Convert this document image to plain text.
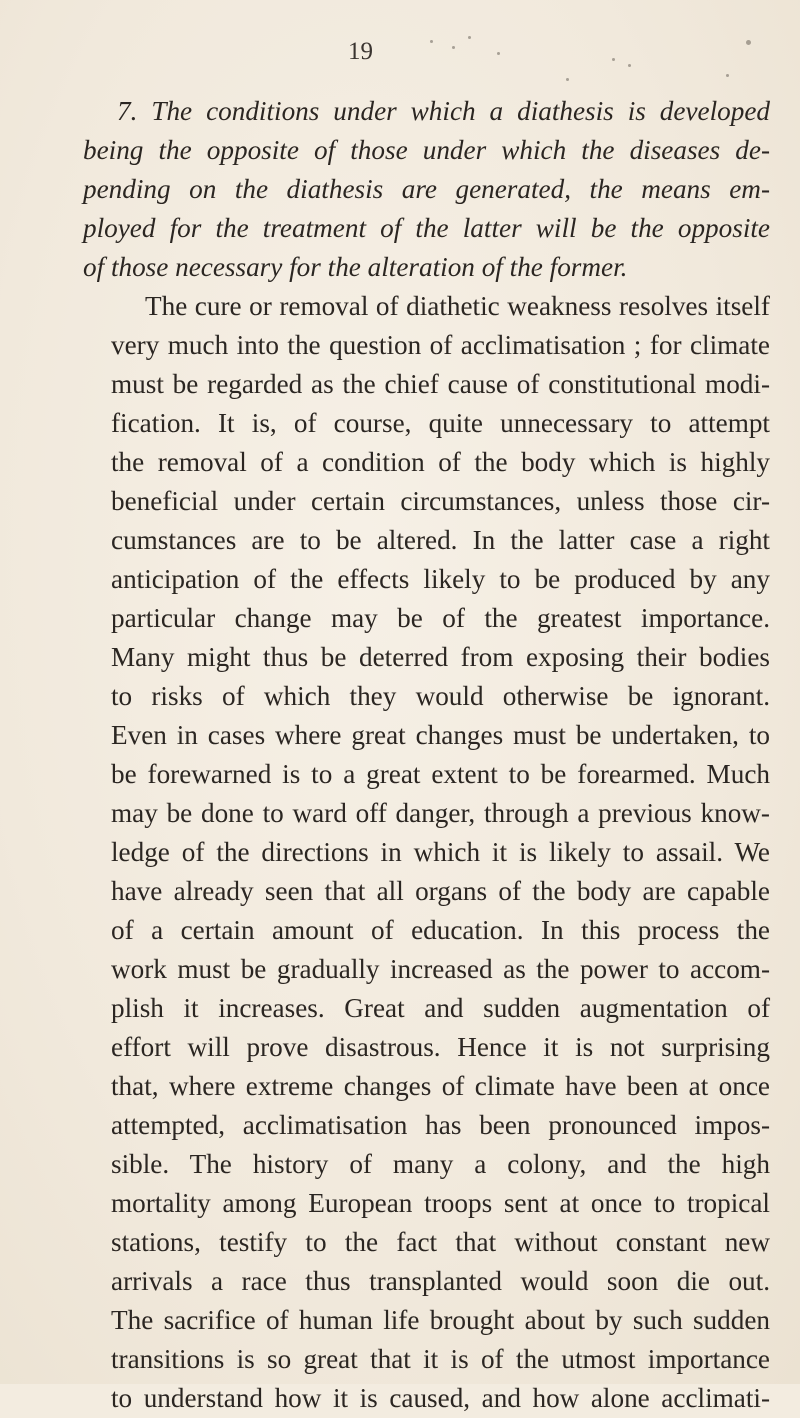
19
7. The conditions under which a diathesis is developed
being the opposite of those under which the diseases de-
pending on the diathesis are generated, the means em-
ployed for the treatment of the latter will be the opposite
of those necessary for the alteration of the former.
The cure or removal of diathetic weakness resolves itself
very much into the question of acclimatisation ; for climate
must be regarded as the chief cause of constitutional modi-
fication. It is, of course, quite unnecessary to attempt
the removal of a condition of the body which is highly
beneficial under certain circumstances, unless those cir-
cumstances are to be altered. In the latter case a right
anticipation of the effects likely to be produced by any
particular change may be of the greatest importance.
Many might thus be deterred from exposing their bodies
to risks of which they would otherwise be ignorant.
Even in cases where great changes must be undertaken, to
be forewarned is to a great extent to be forearmed. Much
may be done to ward off danger, through a previous know-
ledge of the directions in which it is likely to assail. We
have already seen that all organs of the body are capable
of a certain amount of education. In this process the
work must be gradually increased as the power to accom-
plish it increases. Great and sudden augmentation of
effort will prove disastrous. Hence it is not surprising
that, where extreme changes of climate have been at once
attempted, acclimatisation has been pronounced impos-
sible. The history of many a colony, and the high
mortality among European troops sent at once to tropical
stations, testify to the fact that without constant new
arrivals a race thus transplanted would soon die out.
The sacrifice of human life brought about by such sudden
transitions is so great that it is of the utmost importance
to understand how it is caused, and how alone acclimati-
